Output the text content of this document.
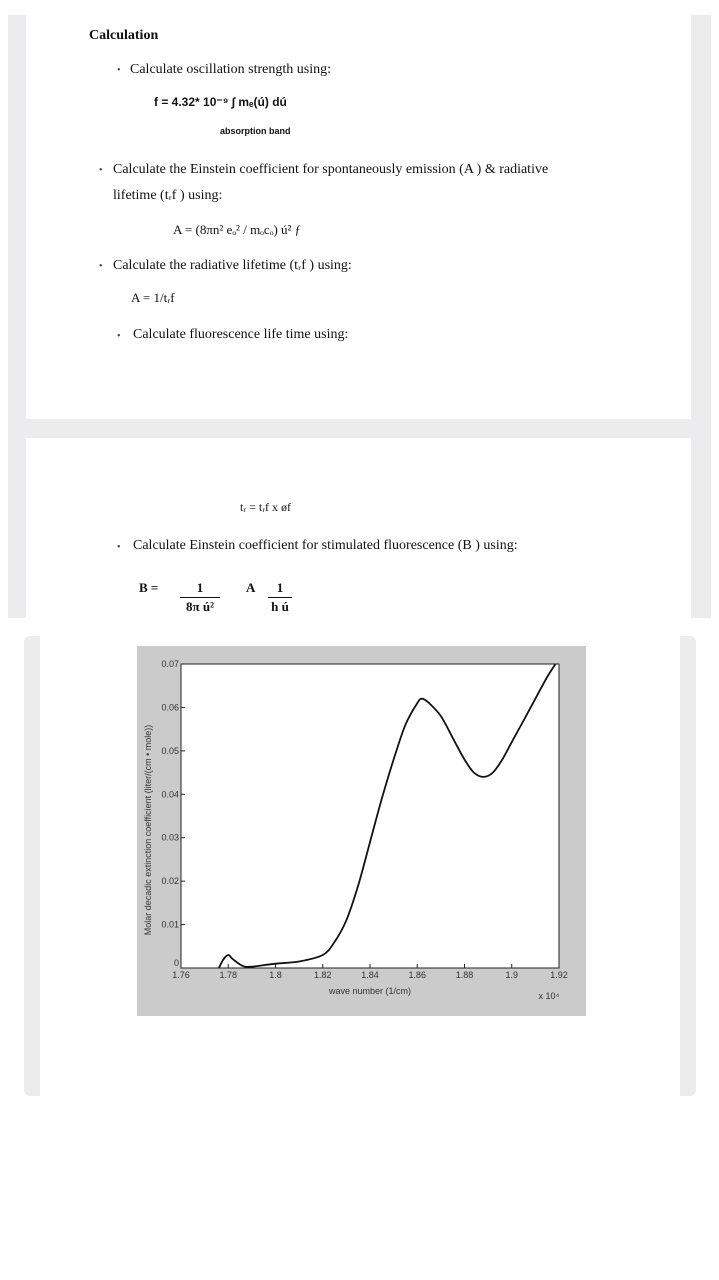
Calculation
• Calculate oscillation strength using:
f = 4.32* 10⁻⁹ ∫ mₑ(ú) dú
absorption band
• Calculate the Einstein coefficient for spontaneously emission (A ) & radiative
lifetime (tᵣf ) using:
A = (8πn² eₒ² / mₒcₒ) ú² ƒ
• Calculate the radiative lifetime (tᵣf ) using:
A = 1/tᵣf
• Calculate fluorescence life time using:
tᵣ = tᵣf x øf
• Calculate Einstein coefficient for stimulated fluorescence (B ) using:
$B = \frac{1}{\text{8π ú²}}$ A $\frac{1}{\text{h ú}}$
1.76	1.78	1.8	1.82	1.84	1.86	1.88	1.9	1.92
0
0.01
0.02
0.03
0.04
0.05
0.06
0.07
wave number (1/cm)	x 10⁴
Molar decadic extinction coefficient (liter/(cm • mole))
